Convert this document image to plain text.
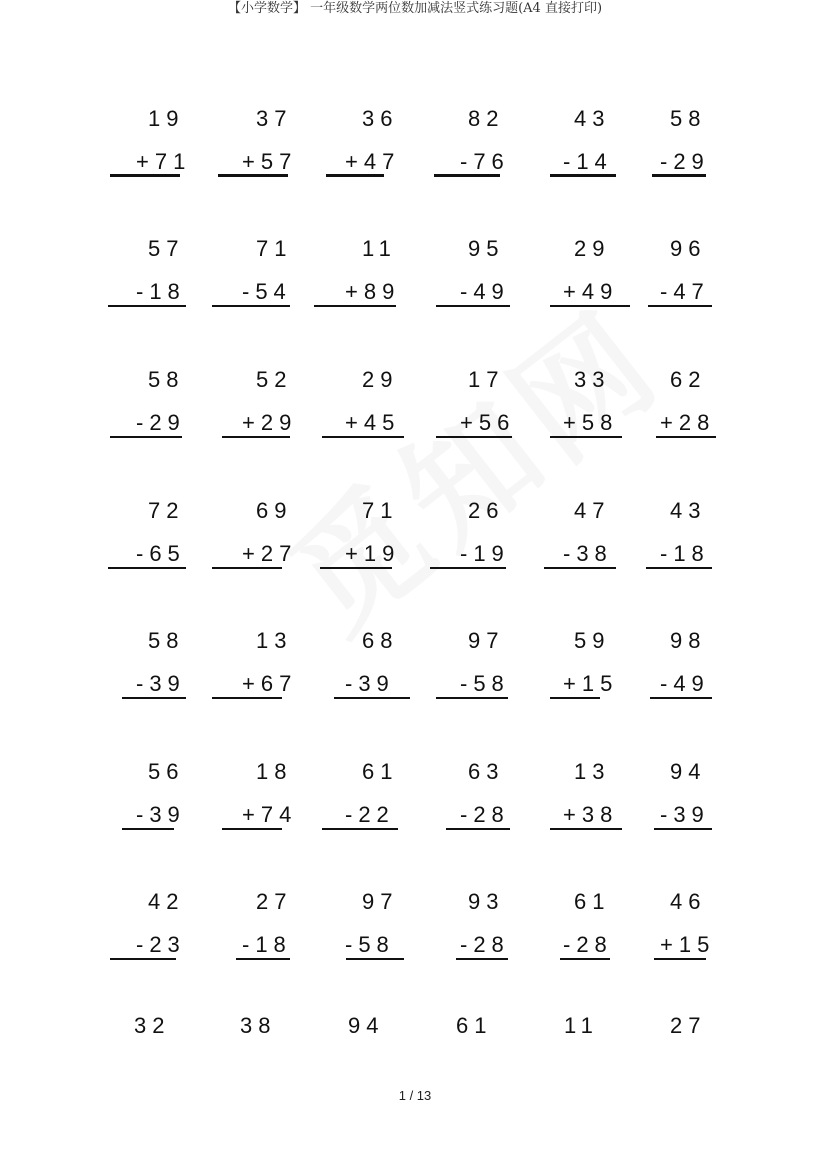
【小学数学】 一年级数学两位数加减法竖式练习题(A4 直接打印)
19
+71
37
+57
36
+47
82
-76
43
-14
58
-29
57
-18
71
-54
11
+89
95
-49
29
+49
96
-47
58
-29
52
+29
29
+45
17
+56
33
+58
62
+28
72
-65
69
+27
71
+19
26
-19
47
-38
43
-18
58
-39
13
+67
68
-39
97
-58
59
+15
98
-49
56
-39
18
+74
61
-22
63
-28
13
+38
94
-39
42
-23
27
-18
97
-58
93
-28
61
-28
46
+15
32	38	94	61	11	27
1 / 13
